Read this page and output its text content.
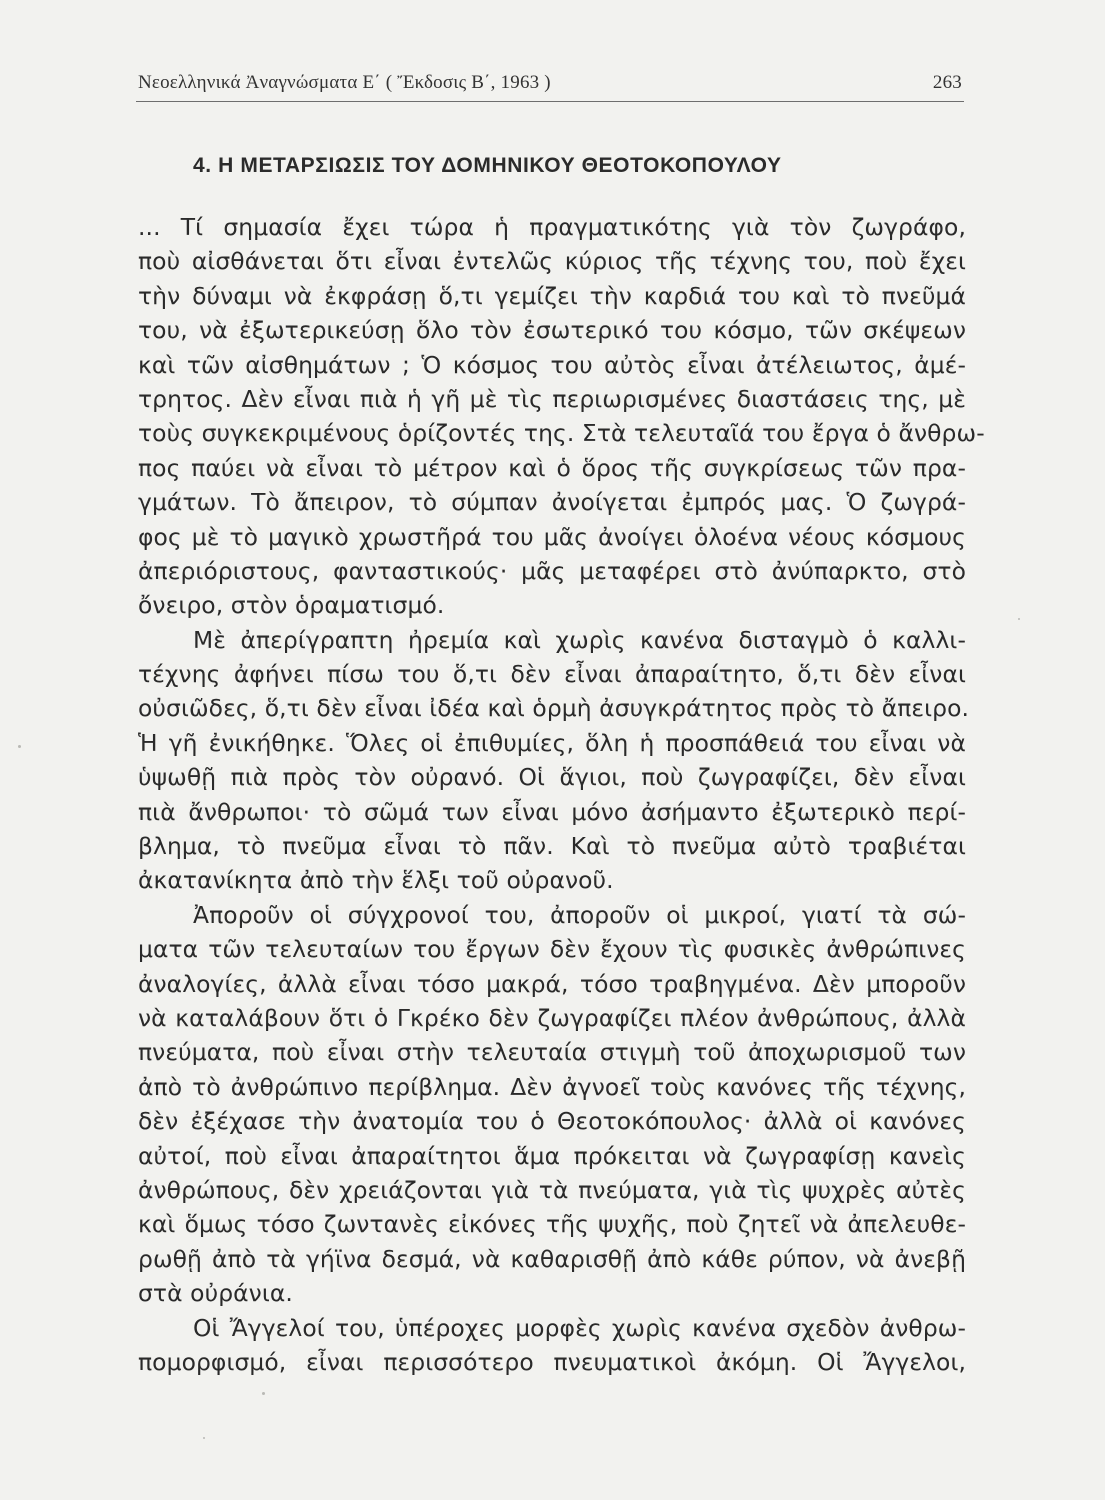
Νεοελληνικά Ἀναγνώσματα Ε΄ ( Ἔκδοσις Β΄, 1963 )	263
4. Η ΜΕΤΑΡΣΙΩΣΙΣ ΤΟΥ ΔΟΜΗΝΙΚΟΥ ΘΕΟΤΟΚΟΠΟΥΛΟΥ
... Τί σημασία ἔχει τώρα ἡ πραγματικότης γιὰ τὸν ζωγράφο,
ποὺ αἰσθάνεται ὅτι εἶναι ἐντελῶς κύριος τῆς τέχνης του, ποὺ ἔχει
τὴν δύναμι νὰ ἐκφράσῃ ὅ,τι γεμίζει τὴν καρδιά του καὶ τὸ πνεῦμά
του, νὰ ἐξωτερικεύσῃ ὅλο τὸν ἐσωτερικό του κόσμο, τῶν σκέψεων
καὶ τῶν αἰσθημάτων ; Ὁ κόσμος του αὐτὸς εἶναι ἀτέλειωτος, ἀμέ-
τρητος. Δὲν εἶναι πιὰ ἡ γῆ μὲ τὶς περιωρισμένες διαστάσεις της, μὲ
τοὺς συγκεκριμένους ὁρίζοντές της. Στὰ τελευταῖά του ἔργα ὁ ἄνθρω-
πος παύει νὰ εἶναι τὸ μέτρον καὶ ὁ ὅρος τῆς συγκρίσεως τῶν πρα-
γμάτων. Τὸ ἄπειρον, τὸ σύμπαν ἀνοίγεται ἐμπρός μας. Ὁ ζωγρά-
φος μὲ τὸ μαγικὸ χρωστῆρά του μᾶς ἀνοίγει ὁλοένα νέους κόσμους
ἀπεριόριστους, φανταστικούς· μᾶς μεταφέρει στὸ ἀνύπαρκτο, στὸ
ὄνειρο, στὸν ὁραματισμό.
Μὲ ἀπερίγραπτη ἠρεμία καὶ χωρὶς κανένα δισταγμὸ ὁ καλλι-
τέχνης ἀφήνει πίσω του ὅ,τι δὲν εἶναι ἀπαραίτητο, ὅ,τι δὲν εἶναι
οὐσιῶδες, ὅ,τι δὲν εἶναι ἰδέα καὶ ὁρμὴ ἀσυγκράτητος πρὸς τὸ ἄπειρο.
Ἡ γῆ ἐνικήθηκε. Ὅλες οἱ ἐπιθυμίες, ὅλη ἡ προσπάθειά του εἶναι νὰ
ὑψωθῇ πιὰ πρὸς τὸν οὐρανό. Οἱ ἅγιοι, ποὺ ζωγραφίζει, δὲν εἶναι
πιὰ ἄνθρωποι· τὸ σῶμά των εἶναι μόνο ἀσήμαντο ἐξωτερικὸ περί-
βλημα, τὸ πνεῦμα εἶναι τὸ πᾶν. Καὶ τὸ πνεῦμα αὐτὸ τραβιέται
ἀκατανίκητα ἀπὸ τὴν ἕλξι τοῦ οὐρανοῦ.
Ἀποροῦν οἱ σύγχρονοί του, ἀποροῦν οἱ μικροί, γιατί τὰ σώ-
ματα τῶν τελευταίων του ἔργων δὲν ἔχουν τὶς φυσικὲς ἀνθρώπινες
ἀναλογίες, ἀλλὰ εἶναι τόσο μακρά, τόσο τραβηγμένα. Δὲν μποροῦν
νὰ καταλάβουν ὅτι ὁ Γκρέκο δὲν ζωγραφίζει πλέον ἀνθρώπους, ἀλλὰ
πνεύματα, ποὺ εἶναι στὴν τελευταία στιγμὴ τοῦ ἀποχωρισμοῦ των
ἀπὸ τὸ ἀνθρώπινο περίβλημα. Δὲν ἀγνοεῖ τοὺς κανόνες τῆς τέχνης,
δὲν ἐξέχασε τὴν ἀνατομία του ὁ Θεοτοκόπουλος· ἀλλὰ οἱ κανόνες
αὐτοί, ποὺ εἶναι ἀπαραίτητοι ἅμα πρόκειται νὰ ζωγραφίσῃ κανεὶς
ἀνθρώπους, δὲν χρειάζονται γιὰ τὰ πνεύματα, γιὰ τὶς ψυχρὲς αὐτὲς
καὶ ὅμως τόσο ζωντανὲς εἰκόνες τῆς ψυχῆς, ποὺ ζητεῖ νὰ ἀπελευθε-
ρωθῇ ἀπὸ τὰ γήϊνα δεσμά, νὰ καθαρισθῇ ἀπὸ κάθε ρύπον, νὰ ἀνεβῇ
στὰ οὐράνια.
Οἱ Ἄγγελοί του, ὑπέροχες μορφὲς χωρὶς κανένα σχεδὸν ἀνθρω-
πομορφισμό, εἶναι περισσότερο πνευματικοὶ ἀκόμη. Οἱ Ἄγγελοι,
